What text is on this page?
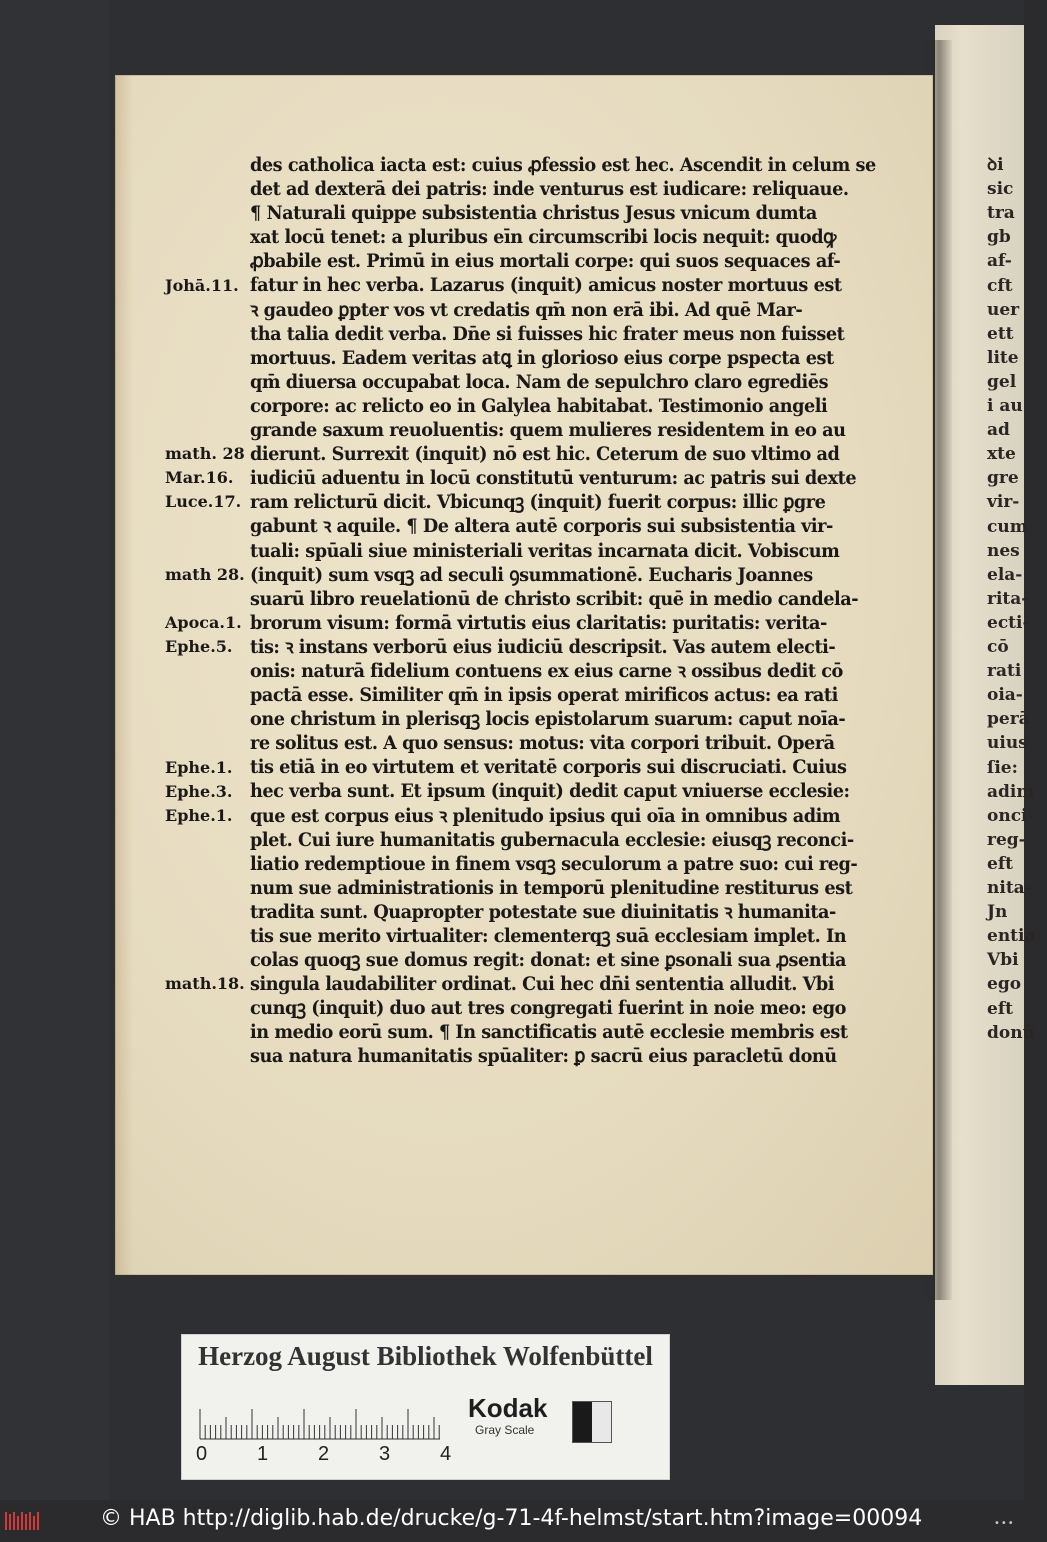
ꝺi
sic
tra
gb
af-
cft
uer
ett
lite
gel
i au
ad
xte
gre
vir-
cum
nes
ela-
rita-
ecti-
cō
rati
oia-
perā
uius
ſie:
adim
onci-
reg-
eft
nita-
Jn
entia
Vbi
ego
eft
donū
des catholica iacta est: cuius ꝓfessio est hec. Ascendit in celum se
det ad dexterā dei patris: inde venturus est iudicare: reliquaue.
¶ Naturali quippe subsistentia christus Jesus vnicum dumta
xat locū tenet: a pluribus eīn circumscribi locis nequit: quodꝙ
ꝓbabile est. Primū in eius mortali corpe: qui suos sequaces af-
fatur in hec verba. Lazarus (inquit) amicus noster mortuus est
ꝛ gaudeo ꝑpter vos vt credatis qm̄ non erā ibi. Ad quē Mar-
tha talia dedit verba. Dn̄e si fuisses hic frater meus non fuisset
mortuus. Eadem veritas atꝗ in glorioso eius corpe pspecta est
qm̄ diuersa occupabat loca. Nam de sepulchro claro egrediēs
corpore: ac relicto eo in Galylea habitabat. Testimonio angeli
grande saxum reuoluentis: quem mulieres residentem in eo au
dierunt. Surrexit (inquit) nō est hic. Ceterum de suo vltimo ad
iudiciū aduentu in locū constitutū venturum: ac patris sui dexte
ram relicturū dicit. Vbicunqꝫ (inquit) fuerit corpus: illic ꝑgre
gabunt ꝛ aquile. ¶ De altera autē corporis sui subsistentia vir-
tuali: spūali siue ministeriali veritas incarnata dicit. Vobiscum
(inquit) sum vsqꝫ ad seculi ꝯsummationē. Eucharis Joannes
suarū libro reuelationū de christo scribit: quē in medio candela-
brorum visum: formā virtutis eius claritatis: puritatis: verita-
tis: ꝛ instans verborū eius iudiciū descripsit. Vas autem electi-
onis: naturā fidelium contuens ex eius carne ꝛ ossibus dedit cō
pactā esse. Similiter qm̄ in ipsis operat mirificos actus: ea rati
one christum in plerisqꝫ locis epistolarum suarum: caput noīa-
re solitus est. A quo sensus: motus: vita corpori tribuit. Operā
tis etiā in eo virtutem et veritatē corporis sui discruciati. Cuius
hec verba sunt. Et ipsum (inquit) dedit caput vniuerse ecclesie:
que est corpus eius ꝛ plenitudo ipsius qui oīa in omnibus adim
plet. Cui iure humanitatis gubernacula ecclesie: eiusqꝫ reconci-
liatio redemptioue in finem vsqꝫ seculorum a patre suo: cui reg-
num sue administrationis in temporū plenitudine restiturus est
tradita sunt. Quapropter potestate sue diuinitatis ꝛ humanita-
tis sue merito virtualiter: clementerqꝫ suā ecclesiam implet. In
colas quoqꝫ sue domus regit: donat: et sine ꝑsonali sua ꝓsentia
singula laudabiliter ordinat. Cui hec dn̄i sententia alludit. Vbi
cunqꝫ (inquit) duo aut tres congregati fuerint in noie meo: ego
in medio eorū sum. ¶ In sanctificatis autē ecclesie membris est
sua natura humanitatis spūaliter: ꝑ sacrū eius paracletū donū
Johā.11.
math. 28
Mar.16.
Luce.17.
math 28.
Apoca.1.
Ephe.5.
Ephe.1.
Ephe.3.
Ephe.1.
math.18.
Herzog August Bibliothek Wolfenbüttel
0 1 2 3 4
Kodak
Gray Scale
© HAB http://diglib.hab.de/drucke/g-71-4f-helmst/start.htm?image=00094	•••
